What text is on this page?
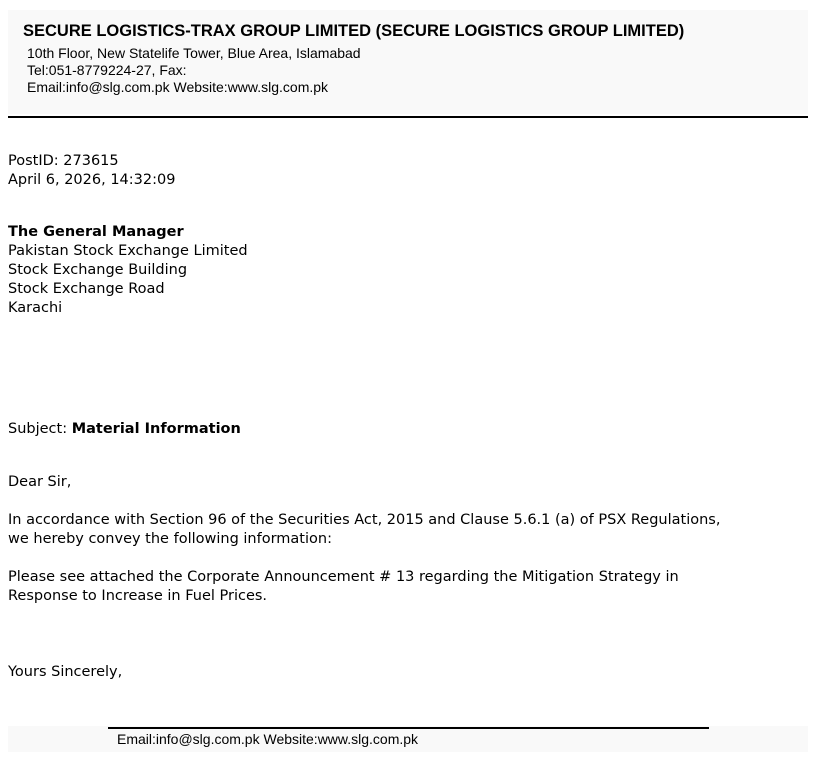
SECURE LOGISTICS-TRAX GROUP LIMITED (SECURE LOGISTICS GROUP LIMITED)
10th Floor, New Statelife Tower, Blue Area, Islamabad
Tel:051-8779224-27, Fax:
Email:info@slg.com.pk Website:www.slg.com.pk
PostID: 273615
April 6, 2026, 14:32:09
The General Manager
Pakistan Stock Exchange Limited
Stock Exchange Building
Stock Exchange Road
Karachi
Subject: Material Information
Dear Sir,
In accordance with Section 96 of the Securities Act, 2015 and Clause 5.6.1 (a) of PSX Regulations,
we hereby convey the following information:
Please see attached the Corporate Announcement # 13 regarding the Mitigation Strategy in
Response to Increase in Fuel Prices.
Yours Sincerely,
Email:info@slg.com.pk Website:www.slg.com.pk
